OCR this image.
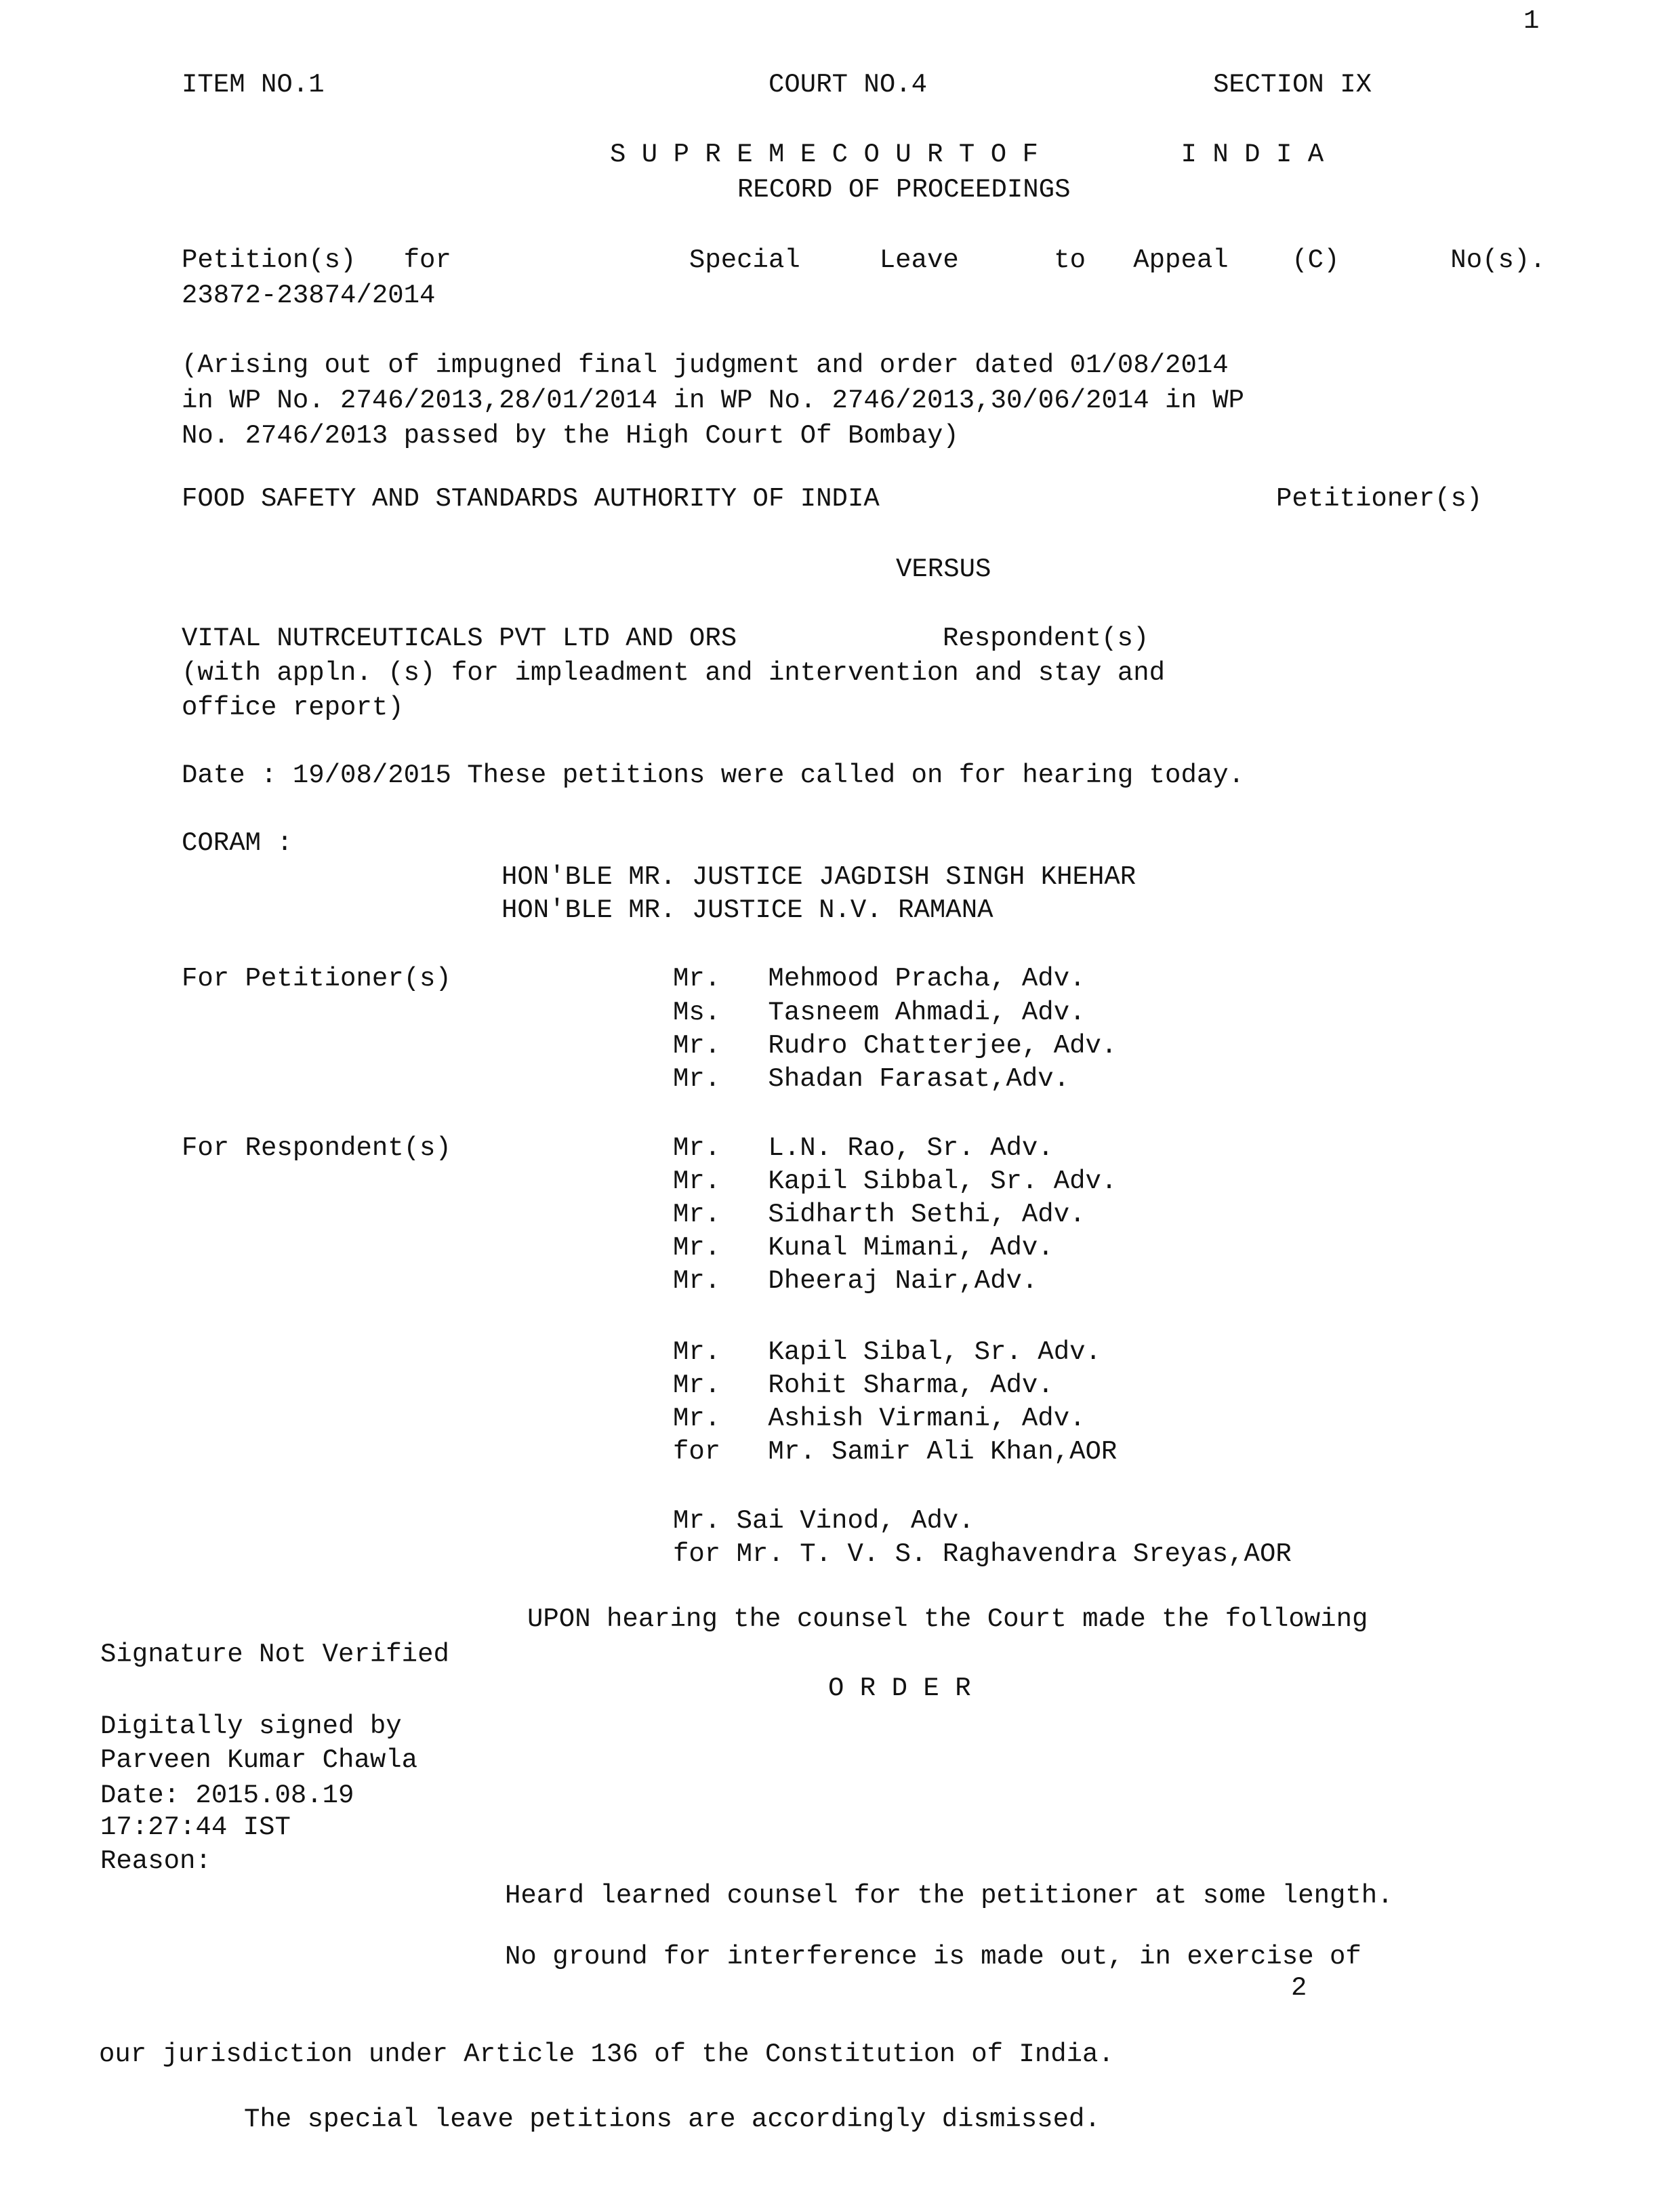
1
ITEM NO.1	COURT NO.4	SECTION IX
S U P R E M E C O U R T O F         I N D I A
RECORD OF PROCEEDINGS
Petition(s)   for               Special     Leave      to   Appeal    (C)       No(s).
23872-23874/2014
(Arising out of impugned final judgment and order dated 01/08/2014
in WP No. 2746/2013,28/01/2014 in WP No. 2746/2013,30/06/2014 in WP
No. 2746/2013 passed by the High Court Of Bombay)
FOOD SAFETY AND STANDARDS AUTHORITY OF INDIA	Petitioner(s)
VERSUS
VITAL NUTRCEUTICALS PVT LTD AND ORS	Respondent(s)
(with appln. (s) for impleadment and intervention and stay and
office report)
Date : 19/08/2015 These petitions were called on for hearing today.
CORAM :
HON'BLE MR. JUSTICE JAGDISH SINGH KHEHAR
HON'BLE MR. JUSTICE N.V. RAMANA
For Petitioner(s)	Mr.   Mehmood Pracha, Adv.
Ms.   Tasneem Ahmadi, Adv.
Mr.   Rudro Chatterjee, Adv.
Mr.   Shadan Farasat,Adv.
For Respondent(s)	Mr.   L.N. Rao, Sr. Adv.
Mr.   Kapil Sibbal, Sr. Adv.
Mr.   Sidharth Sethi, Adv.
Mr.   Kunal Mimani, Adv.
Mr.   Dheeraj Nair,Adv.
Mr.   Kapil Sibal, Sr. Adv.
Mr.   Rohit Sharma, Adv.
Mr.   Ashish Virmani, Adv.
for   Mr. Samir Ali Khan,AOR
Mr. Sai Vinod, Adv.
for Mr. T. V. S. Raghavendra Sreyas,AOR
UPON hearing the counsel the Court made the following
O R D E R
Heard learned counsel for the petitioner at some length.
No ground for interference is made out, in exercise of
Signature Not Verified
Digitally signed by
Parveen Kumar Chawla
Date: 2015.08.19
17:27:44 IST
Reason:
2
our jurisdiction under Article 136 of the Constitution of India.
The special leave petitions are accordingly dismissed.
